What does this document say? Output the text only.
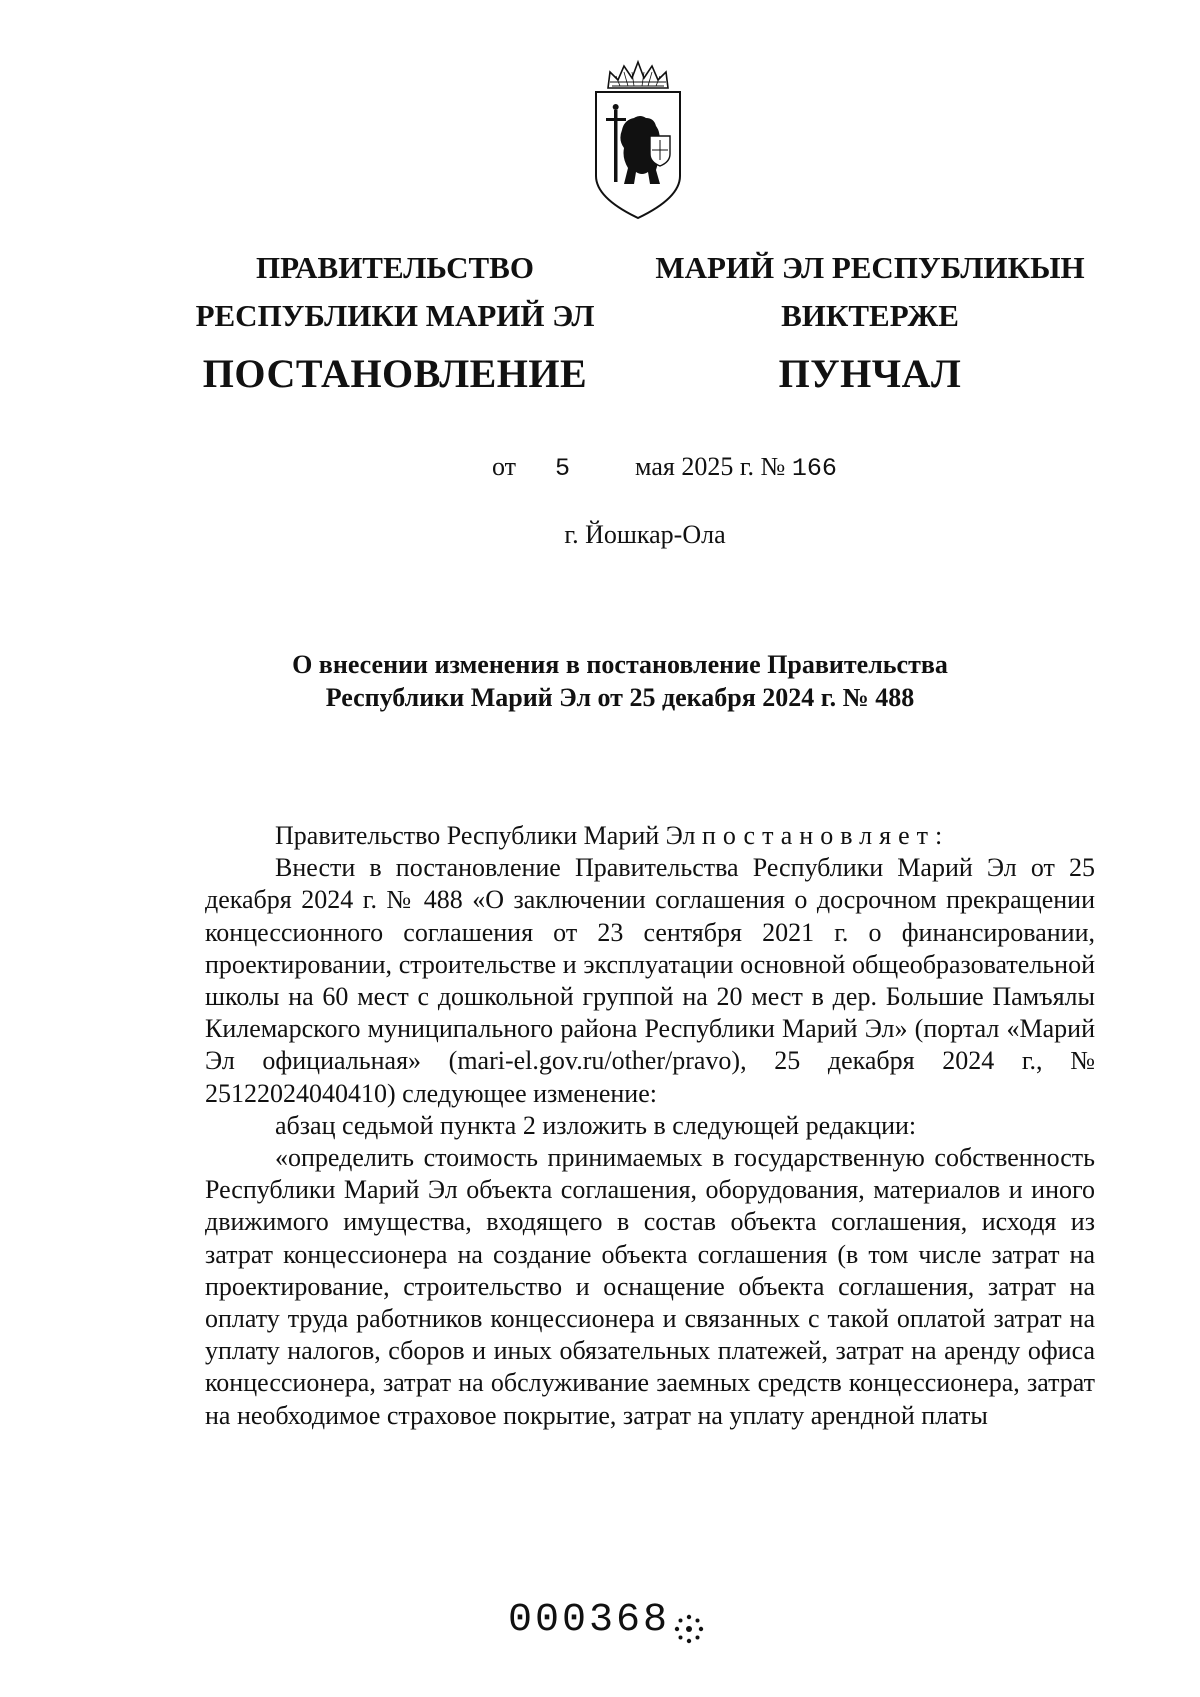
ПРАВИТЕЛЬСТВО
РЕСПУБЛИКИ МАРИЙ ЭЛ
ПОСТАНОВЛЕНИЕ
МАРИЙ ЭЛ РЕСПУБЛИКЫН
ВИКТЕРЖЕ
ПУНЧАЛ
от 5	мая 2025 г. № 166
г. Йошкар-Ола
О внесении изменения в постановление Правительства
Республики Марий Эл от 25 декабря 2024 г. № 488

Правительство Республики Марий Эл постановляет:

Внести в постановление Правительства Республики Марий Эл от 25 декабря 2024 г. № 488 «О заключении соглашения о досрочном прекращении концессионного соглашения от 23 сентября 2021 г. о финансировании, проектировании, строительстве и эксплуатации основной общеобразовательной школы на 60 мест с дошкольной группой на 20 мест в дер. Большие Памъялы Килемарского муниципального района Республики Марий Эл» (портал «Марий Эл официальная» (mari-el.gov.ru/other/pravo), 25 декабря 2024 г., № 25122024040410) следующее изменение:

абзац седьмой пункта 2 изложить в следующей редакции:

«определить стоимость принимаемых в государственную собственность Республики Марий Эл объекта соглашения, оборудования, материалов и иного движимого имущества, входящего в состав объекта соглашения, исходя из затрат концессионера на создание объекта соглашения (в том числе затрат на проектирование, строительство и оснащение объекта соглашения, затрат на оплату труда работников концессионера и связанных с такой оплатой затрат на уплату налогов, сборов и иных обязательных платежей, затрат на аренду офиса концессионера, затрат на обслуживание заемных средств концессионера, затрат на необходимое страховое покрытие, затрат на уплату арендной платы

000368
